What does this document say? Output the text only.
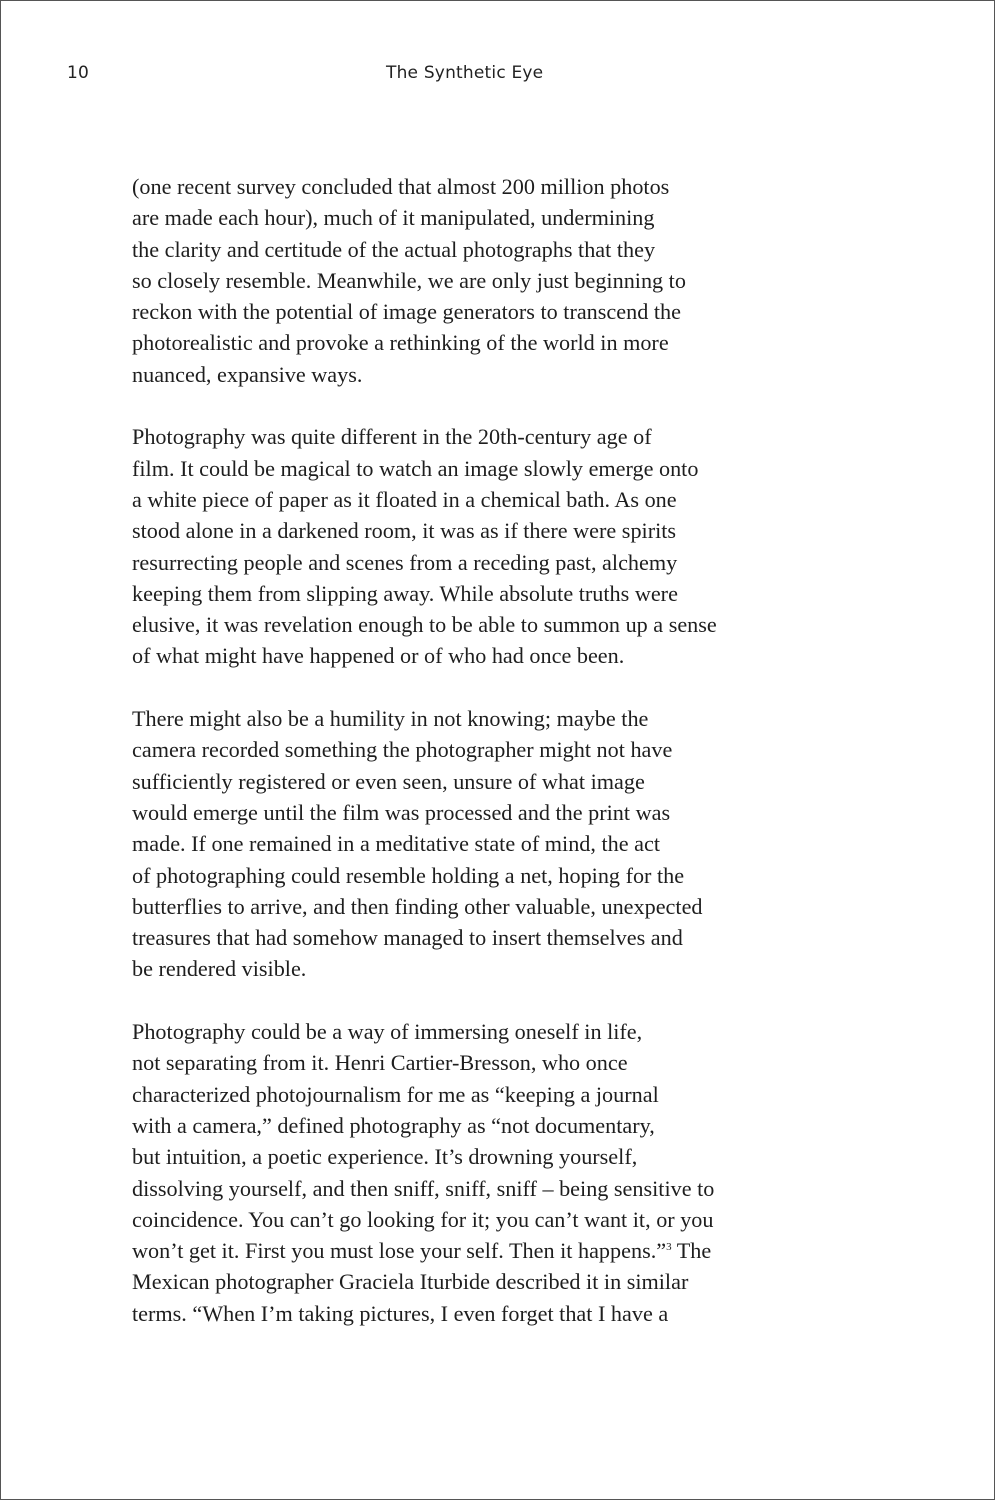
10	The Synthetic Eye
(one recent survey concluded that almost 200 million photos
are made each hour), much of it manipulated, undermining
the clarity and certitude of the actual photographs that they
so closely resemble. Meanwhile, we are only just beginning to
reckon with the potential of image generators to transcend the
photorealistic and provoke a rethinking of the world in more
nuanced, expansive ways.
Photography was quite different in the 20th-century age of
film. It could be magical to watch an image slowly emerge onto
a white piece of paper as it floated in a chemical bath. As one
stood alone in a darkened room, it was as if there were spirits
resurrecting people and scenes from a receding past, alchemy
keeping them from slipping away. While absolute truths were
elusive, it was revelation enough to be able to summon up a sense
of what might have happened or of who had once been.
There might also be a humility in not knowing; maybe the
camera recorded something the photographer might not have
sufficiently registered or even seen, unsure of what image
would emerge until the film was processed and the print was
made. If one remained in a meditative state of mind, the act
of photographing could resemble holding a net, hoping for the
butterflies to arrive, and then finding other valuable, unexpected
treasures that had somehow managed to insert themselves and
be rendered visible.
Photography could be a way of immersing oneself in life,
not separating from it. Henri Cartier-Bresson, who once
characterized photojournalism for me as “keeping a journal
with a camera,” defined photography as “not documentary,
but intuition, a poetic experience. It’s drowning yourself,
dissolving yourself, and then sniff, sniff, sniff – being sensitive to
coincidence. You can’t go looking for it; you can’t want it, or you
won’t get it. First you must lose your self. Then it happens.”$^3$ The
Mexican photographer Graciela Iturbide described it in similar
terms. “When I’m taking pictures, I even forget that I have a
